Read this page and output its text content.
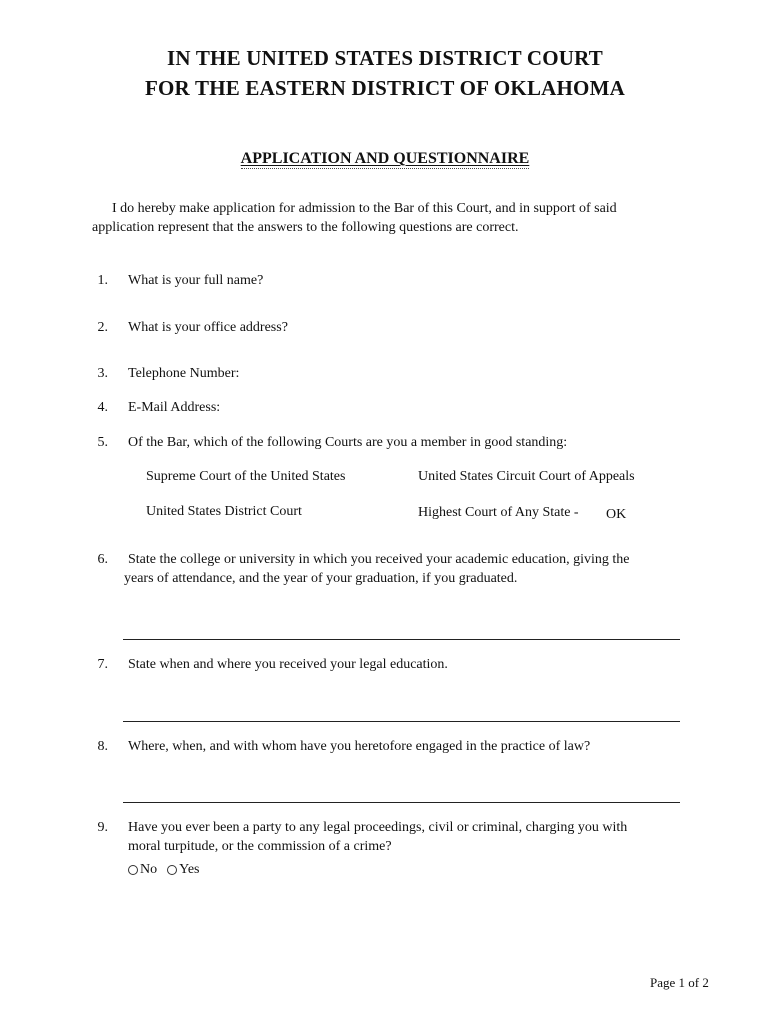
IN THE UNITED STATES DISTRICT COURT
FOR THE EASTERN DISTRICT OF OKLAHOMA
APPLICATION AND QUESTIONNAIRE
I do hereby make application for admission to the Bar of this Court, and in support of said
application represent that the answers to the following questions are correct.
1. What is your full name?
2. What is your office address?
3. Telephone Number:
4. E-Mail Address:
5. Of the Bar, which of the following Courts are you a member in good standing:
Supreme Court of the United States	United States Circuit Court of Appeals
United States District Court	Highest Court of Any State - OK
6. State the college or university in which you received your academic education, giving the
years of attendance, and the year of your graduation, if you graduated.
7. State when and where you received your legal education.
8. Where, when, and with whom have you heretofore engaged in the practice of law?
9. Have you ever been a party to any legal proceedings, civil or criminal, charging you with
moral turpitude, or the commission of a crime?
No Yes
Page 1 of 2
